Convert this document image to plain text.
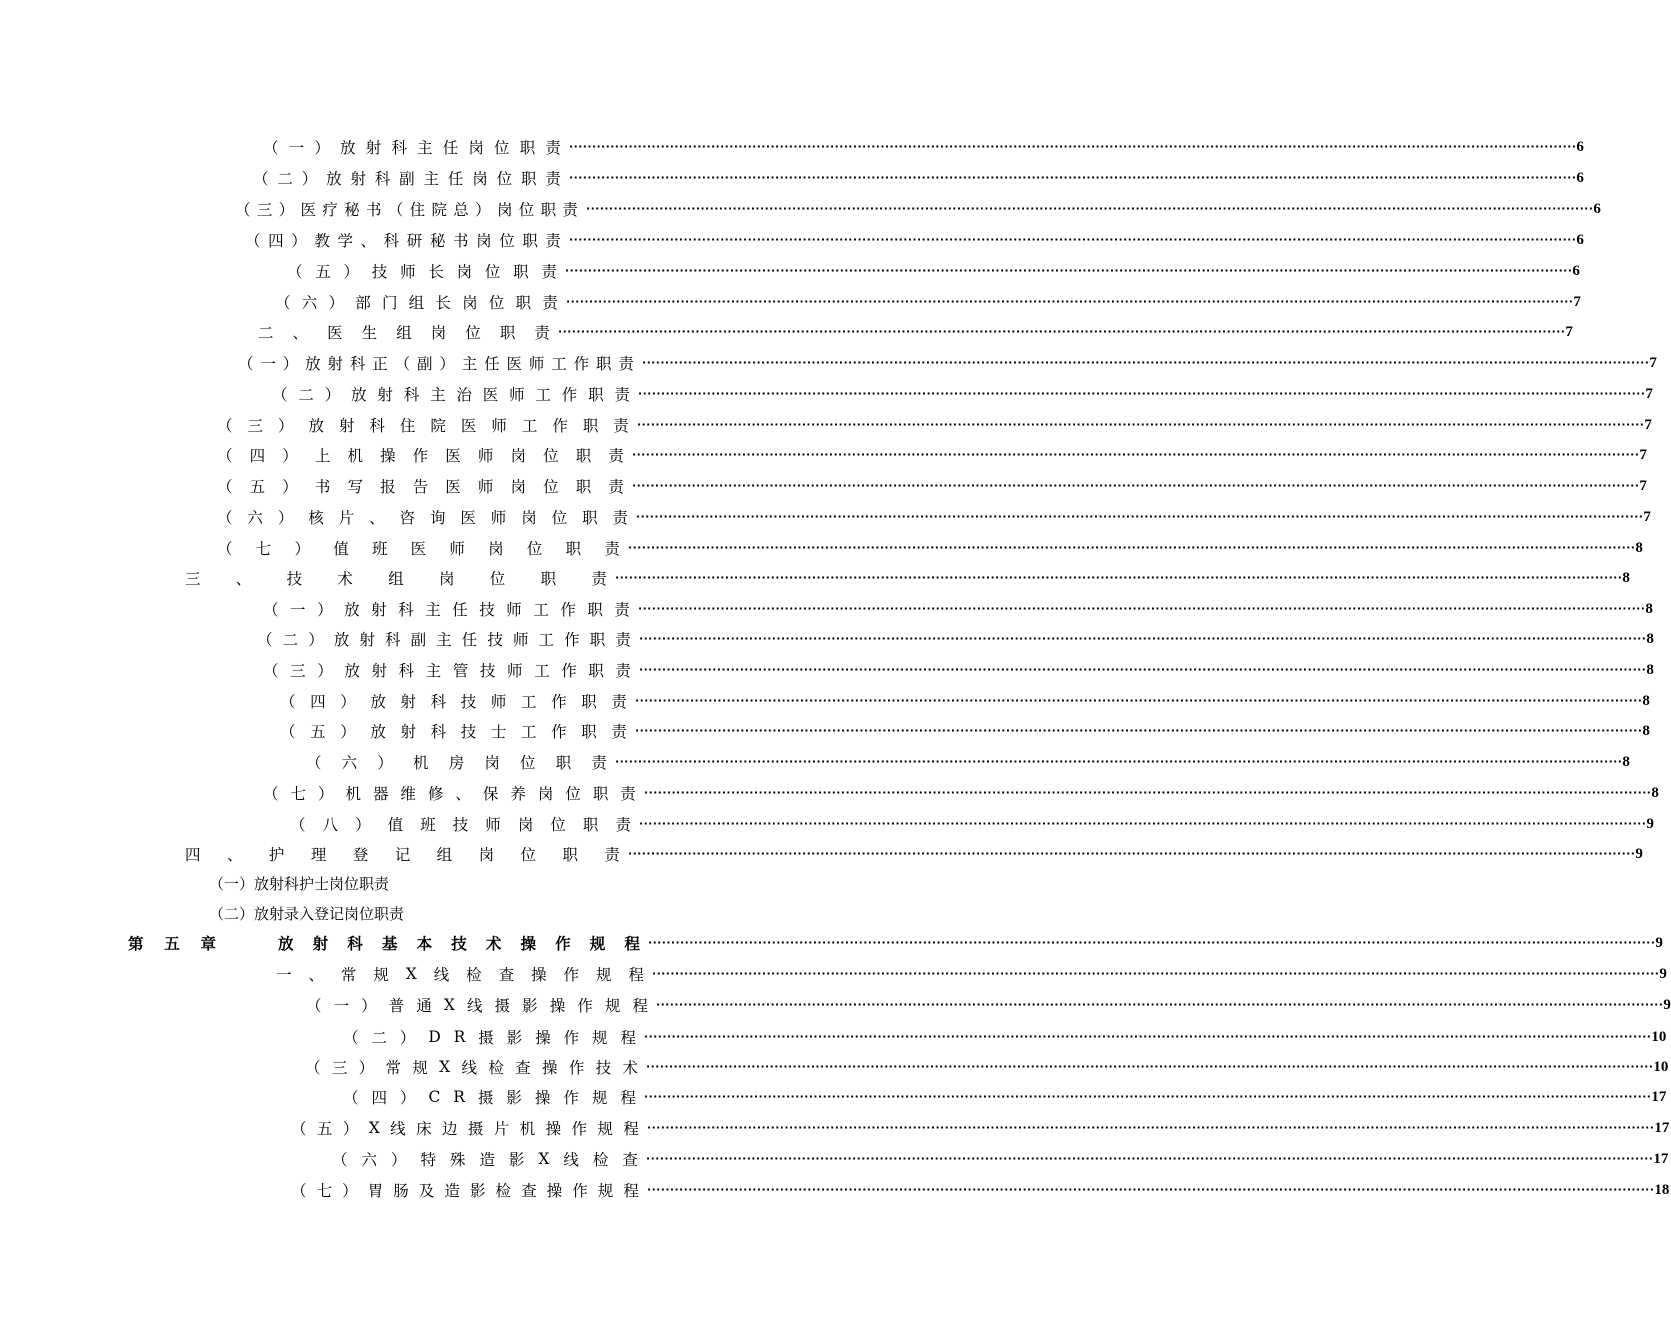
（ 一 ） 放 射 科 主 任 岗 位 职 责 ···························································································································································································································· 6
（ 二 ） 放 射 科 副 主 任 岗 位 职 责 ···························································································································································································································· 6
（ 三 ） 医 疗 秘 书 （ 住 院 总 ） 岗 位 职 责 ···························································································································································································································· 6
（ 四 ） 教 学 、 科 研 秘 书 岗 位 职 责 ···························································································································································································································· 6
（ 五 ） 技 师 长 岗 位 职 责 ···························································································································································································································· 6
（ 六 ） 部 门 组 长 岗 位 职 责 ···························································································································································································································· 7
二 、 医 生 组 岗 位 职 责 ···························································································································································································································· 7
（ 一 ） 放 射 科 正 （ 副 ） 主 任 医 师 工 作 职 责 ···························································································································································································································· 7
（ 二 ） 放 射 科 主 治 医 师 工 作 职 责 ···························································································································································································································· 7
（ 三 ） 放 射 科 住 院 医 师 工 作 职 责 ···························································································································································································································· 7
（ 四 ） 上 机 操 作 医 师 岗 位 职 责 ···························································································································································································································· 7
（ 五 ） 书 写 报 告 医 师 岗 位 职 责 ···························································································································································································································· 7
（ 六 ） 核 片 、 咨 询 医 师 岗 位 职 责 ···························································································································································································································· 7
（ 七 ） 值 班 医 师 岗 位 职 责 ···························································································································································································································· 8
三 、 技 术 组 岗 位 职 责 ···························································································································································································································· 8
（ 一 ） 放 射 科 主 任 技 师 工 作 职 责 ···························································································································································································································· 8
（ 二 ） 放 射 科 副 主 任 技 师 工 作 职 责 ···························································································································································································································· 8
（ 三 ） 放 射 科 主 管 技 师 工 作 职 责 ···························································································································································································································· 8
（ 四 ） 放 射 科 技 师 工 作 职 责 ···························································································································································································································· 8
（ 五 ） 放 射 科 技 士 工 作 职 责 ···························································································································································································································· 8
（ 六 ） 机 房 岗 位 职 责 ···························································································································································································································· 8
（ 七 ） 机 器 维 修 、 保 养 岗 位 职 责 ···························································································································································································································· 8
（ 八 ） 值 班 技 师 岗 位 职 责 ···························································································································································································································· 9
四 、 护 理 登 记 组 岗 位 职 责 ···························································································································································································································· 9
（一）放射科护士岗位职责
（二）放射录入登记岗位职责
第 五 章	放 射 科 基 本 技 术 操 作 规 程 ···························································································································································································································· 9
一 、 常 规 X 线 检 查 操 作 规 程 ···························································································································································································································· 9
（ 一 ） 普 通 X 线 摄 影 操 作 规 程 ···························································································································································································································· 9
（ 二 ） D R 摄 影 操 作 规 程 ···························································································································································································································· 10
（ 三 ） 常 规 X 线 检 查 操 作 技 术 ···························································································································································································································· 10
（ 四 ） C R 摄 影 操 作 规 程 ···························································································································································································································· 17
（ 五 ） X 线 床 边 摄 片 机 操 作 规 程 ···························································································································································································································· 17
（ 六 ） 特 殊 造 影 X 线 检 查 ···························································································································································································································· 17
（ 七 ） 胃 肠 及 造 影 检 查 操 作 规 程 ···························································································································································································································· 18
